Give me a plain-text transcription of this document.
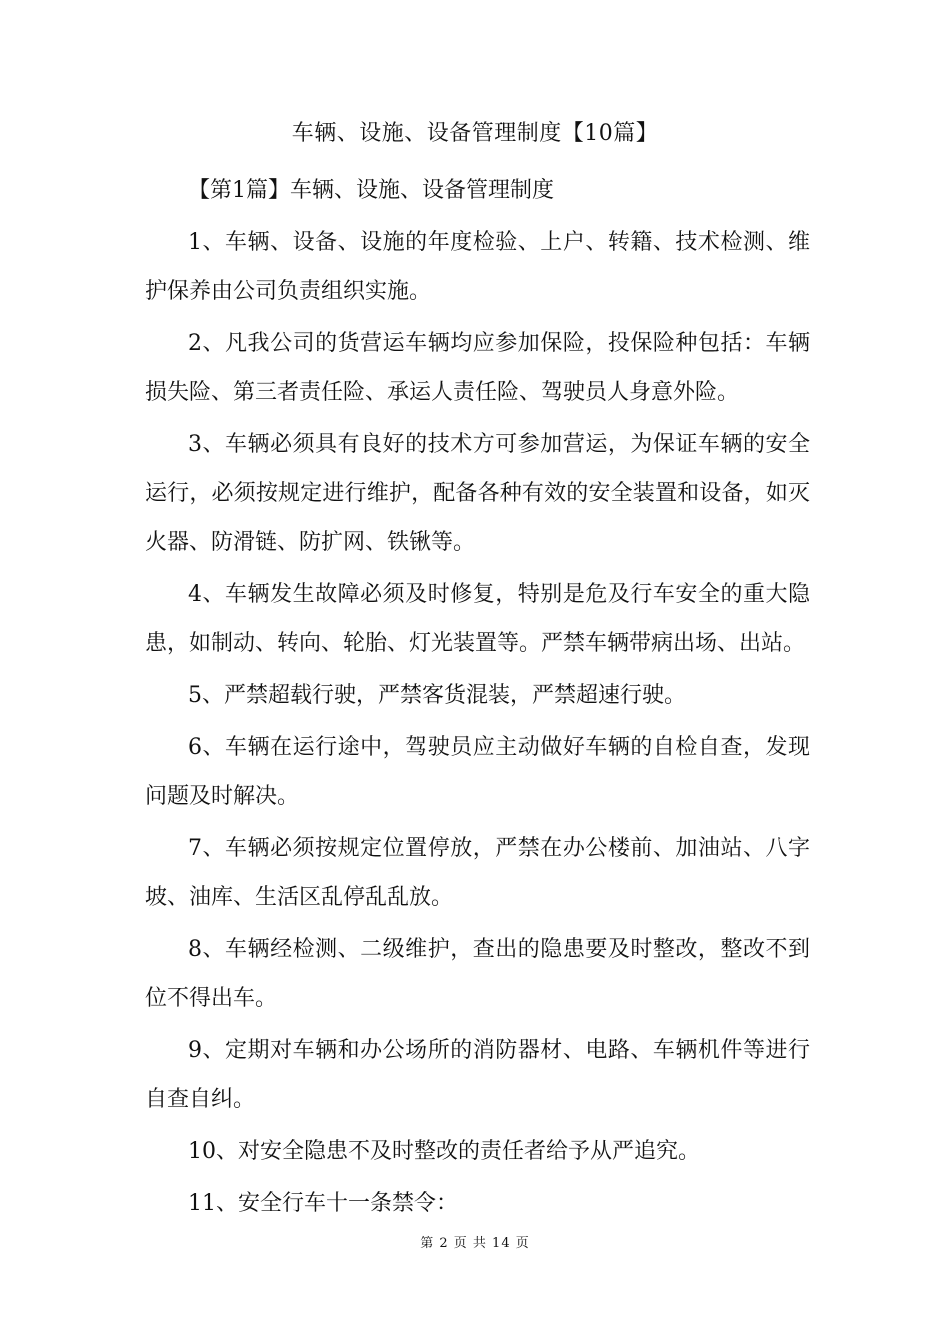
车辆、设施、设备管理制度【10篇】

【第1篇】车辆、设施、设备管理制度

1、车辆、设备、设施的年度检验、上户、转籍、技术检测、维护保养由公司负责组织实施。

2、凡我公司的货营运车辆均应参加保险，投保险种包括：车辆损失险、第三者责任险、承运人责任险、驾驶员人身意外险。

3、车辆必须具有良好的技术方可参加营运，为保证车辆的安全运行，必须按规定进行维护，配备各种有效的安全装置和设备，如灭火器、防滑链、防扩网、铁锹等。

4、车辆发生故障必须及时修复，特别是危及行车安全的重大隐患，如制动、转向、轮胎、灯光装置等。严禁车辆带病出场、出站。

5、严禁超载行驶，严禁客货混装，严禁超速行驶。

6、车辆在运行途中，驾驶员应主动做好车辆的自检自查，发现问题及时解决。

7、车辆必须按规定位置停放，严禁在办公楼前、加油站、八字坡、油库、生活区乱停乱乱放。

8、车辆经检测、二级维护，查出的隐患要及时整改，整改不到位不得出车。

9、定期对车辆和办公场所的消防器材、电路、车辆机件等进行自查自纠。

10、对安全隐患不及时整改的责任者给予从严追究。

11、安全行车十一条禁令：

第 2 页 共 14 页
